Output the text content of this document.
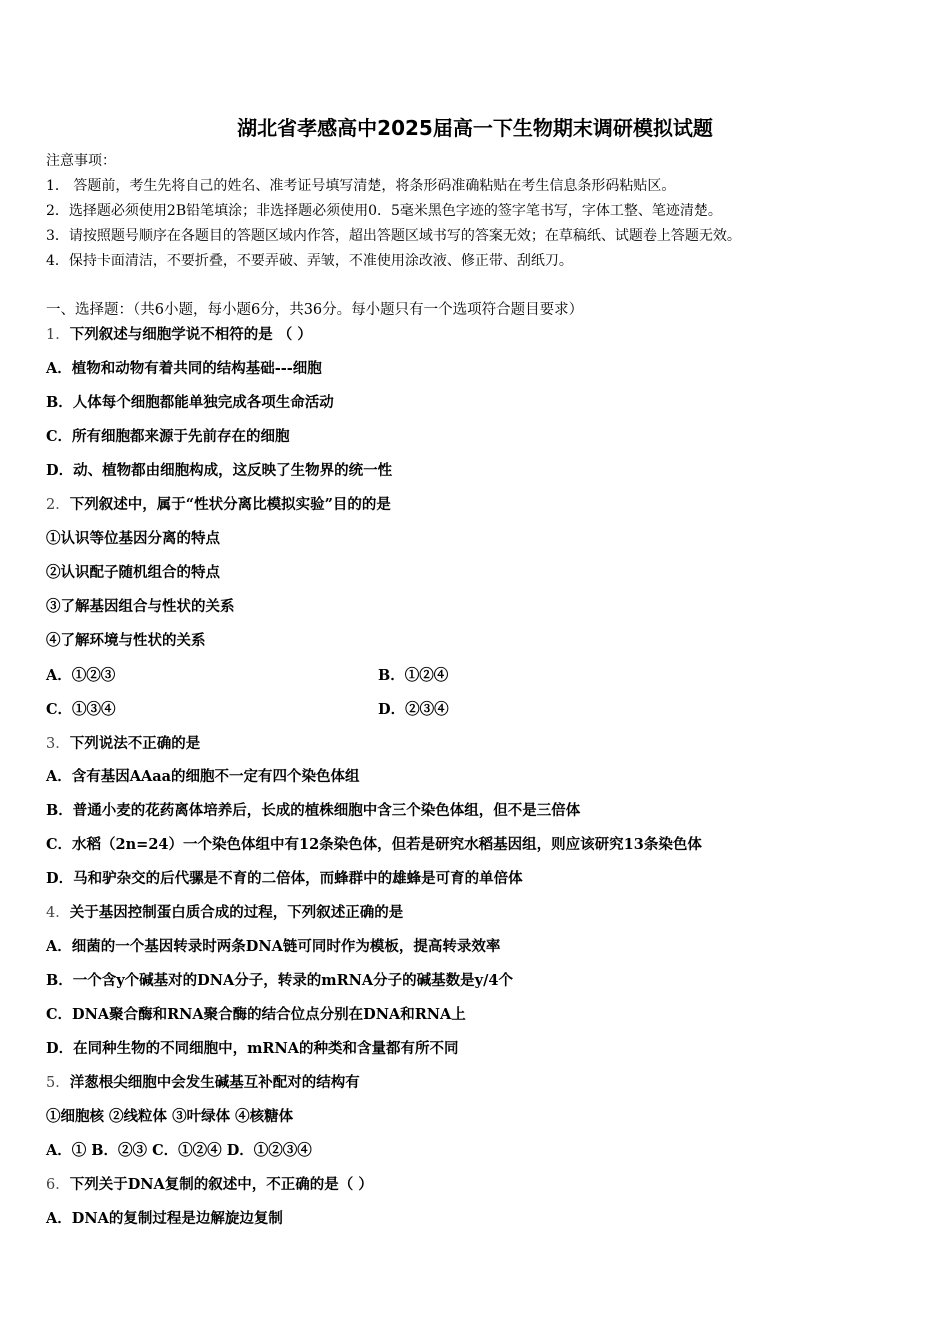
湖北省孝感高中2025届高一下生物期末调研模拟试题
注意事项：
1． 答题前，考生先将自己的姓名、准考证号填写清楚，将条形码准确粘贴在考生信息条形码粘贴区。
2．选择题必须使用2B铅笔填涂；非选择题必须使用0．5毫米黑色字迹的签字笔书写，字体工整、笔迹清楚。
3．请按照题号顺序在各题目的答题区域内作答，超出答题区域书写的答案无效；在草稿纸、试题卷上答题无效。
4．保持卡面清洁，不要折叠，不要弄破、弄皱，不准使用涂改液、修正带、刮纸刀。
一、选择题：（共6小题，每小题6分，共36分。每小题只有一个选项符合题目要求）
1．下列叙述与细胞学说不相符的是 （ ）
A．植物和动物有着共同的结构基础---细胞
B．人体每个细胞都能单独完成各项生命活动
C．所有细胞都来源于先前存在的细胞
D．动、植物都由细胞构成，这反映了生物界的统一性
2．下列叙述中，属于“性状分离比模拟实验”目的的是
①认识等位基因分离的特点
②认识配子随机组合的特点
③了解基因组合与性状的关系
④了解环境与性状的关系
A．①②③	B．①②④
C．①③④	D．②③④
3．下列说法不正确的是
A．含有基因AAaa的细胞不一定有四个染色体组
B．普通小麦的花药离体培养后，长成的植株细胞中含三个染色体组，但不是三倍体
C．水稻（2n=24）一个染色体组中有12条染色体，但若是研究水稻基因组，则应该研究13条染色体
D．马和驴杂交的后代骡是不育的二倍体，而蜂群中的雄蜂是可育的单倍体
4．关于基因控制蛋白质合成的过程，下列叙述正确的是
A．细菌的一个基因转录时两条DNA链可同时作为模板，提高转录效率
B．一个含y个碱基对的DNA分子，转录的mRNA分子的碱基数是y/4个
C．DNA聚合酶和RNA聚合酶的结合位点分别在DNA和RNA上
D．在同种生物的不同细胞中，mRNA的种类和含量都有所不同
5．洋葱根尖细胞中会发生碱基互补配对的结构有
①细胞核 ②线粒体 ③叶绿体 ④核糖体
A．① B．②③ C．①②④ D．①②③④
6．下列关于DNA复制的叙述中，不正确的是（ ）
A．DNA的复制过程是边解旋边复制
